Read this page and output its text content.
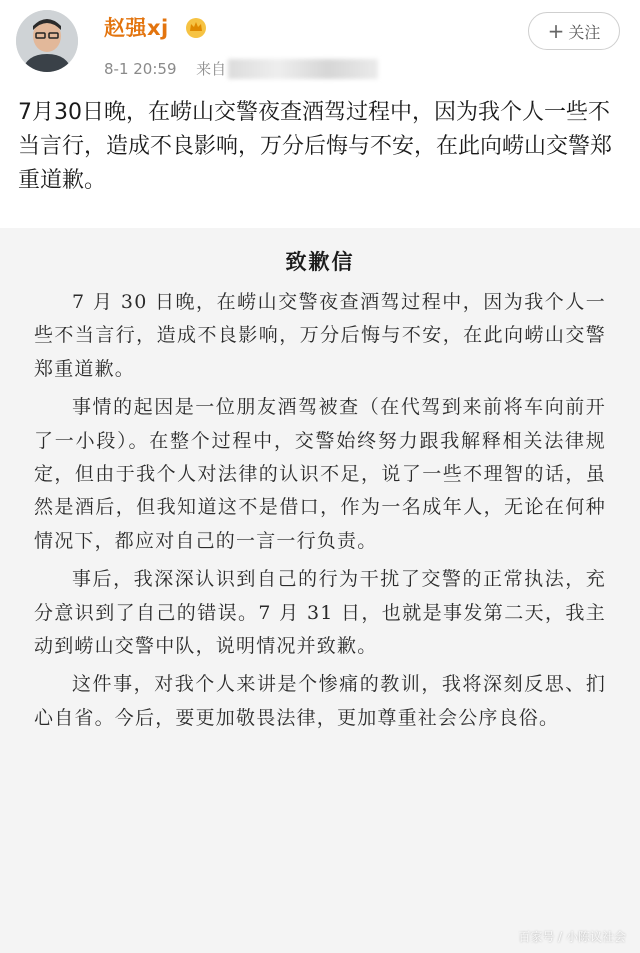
赵强xj
8-1 20:59 来自
+ 关注
7月30日晚，在崂山交警夜查酒驾过程中，因为我个人一些不当言行，造成不良影响，万分后悔与不安，在此向崂山交警郑重道歉。
致歉信

7 月 30 日晚，在崂山交警夜查酒驾过程中，因为我个人一些不当言行，造成不良影响，万分后悔与不安，在此向崂山交警郑重道歉。

事情的起因是一位朋友酒驾被查（在代驾到来前将车向前开了一小段）。在整个过程中，交警始终努力跟我解释相关法律规定，但由于我个人对法律的认识不足，说了一些不理智的话，虽然是酒后，但我知道这不是借口，作为一名成年人，无论在何种情况下，都应对自己的一言一行负责。

事后，我深深认识到自己的行为干扰了交警的正常执法，充分意识到了自己的错误。7 月 31 日，也就是事发第二天，我主动到崂山交警中队，说明情况并致歉。

这件事，对我个人来讲是个惨痛的教训，我将深刻反思、扪心自省。今后，要更加敬畏法律，更加尊重社会公序良俗。

百家号 / 小陈议社会
